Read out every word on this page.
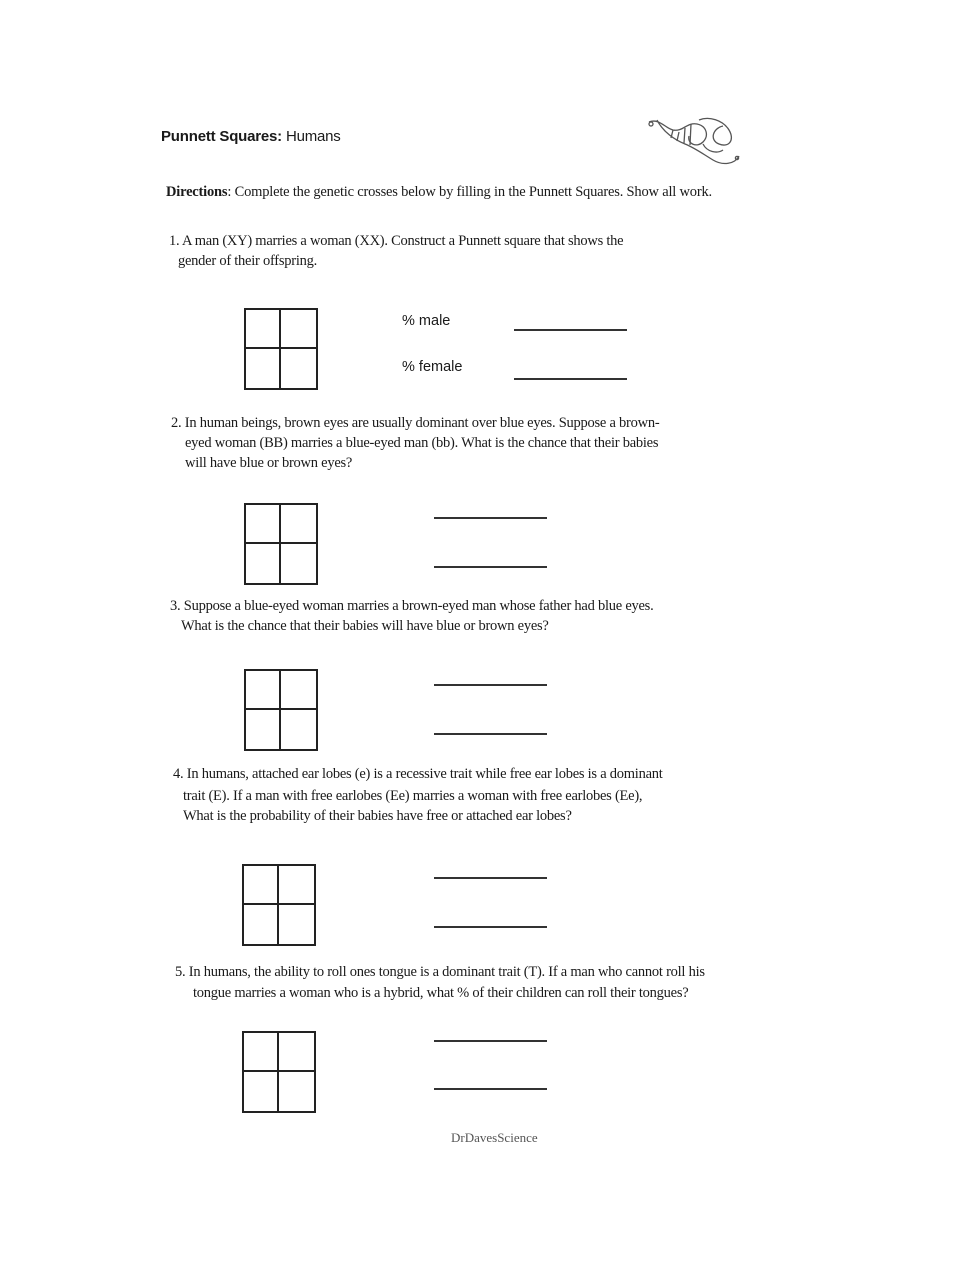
Punnett Squares: Humans
Directions: Complete the genetic crosses below by filling in the Punnett Squares. Show all work.
1. A man (XY) marries a woman (XX). Construct a Punnett square that shows the
gender of their offspring.
% male
% female
2. In human beings, brown eyes are usually dominant over blue eyes. Suppose a brown-
eyed woman (BB) marries a blue-eyed man (bb). What is the chance that their babies
will have blue or brown eyes?
3. Suppose a blue-eyed woman marries a brown-eyed man whose father had blue eyes.
What is the chance that their babies will have blue or brown eyes?
4. In humans, attached ear lobes (e) is a recessive trait while free ear lobes is a dominant
trait (E). If a man with free earlobes (Ee) marries a woman with free earlobes (Ee),
What is the probability of their babies have free or attached ear lobes?
5. In humans, the ability to roll ones tongue is a dominant trait (T). If a man who cannot roll his
tongue marries a woman who is a hybrid, what % of their children can roll their tongues?
DrDavesScience
